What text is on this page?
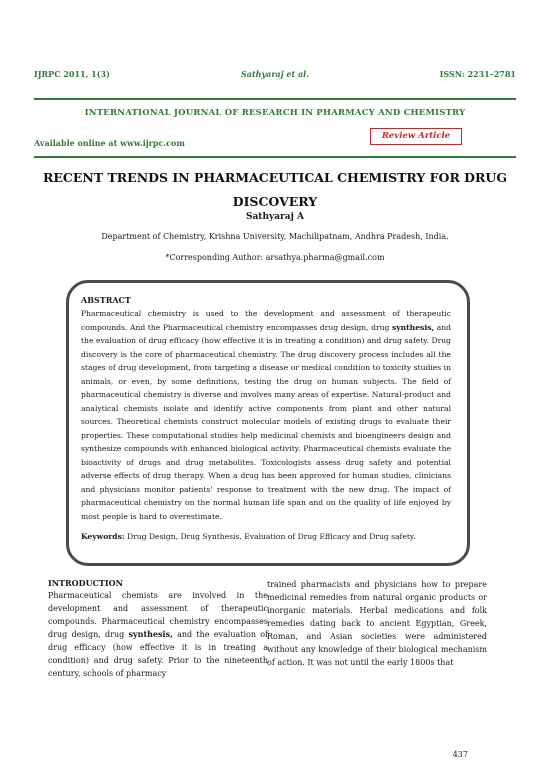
IJRPC 2011, 1(3)	Sathyaraj et al.	ISSN: 2231–2781
INTERNATIONAL JOURNAL OF RESEARCH IN PHARMACY AND CHEMISTRY
Available online at www.ijrpc.com
Review Article
RECENT TRENDS IN PHARMACEUTICAL CHEMISTRY FOR DRUG
DISCOVERY
Sathyaraj A
Department of Chemistry, Krishna University, Machilipatnam, Andhra Pradesh, India.
*Corresponding Author: arsathya.pharma@gmail.com
ABSTRACT

Pharmaceutical chemistry is used to the development and assessment of therapeutic compounds. And the Pharmaceutical chemistry encompasses drug design, drug synthesis, and the evaluation of drug efficacy (how effective it is in treating a condition) and drug safety. Drug discovery is the core of pharmaceutical chemistry. The drug discovery process includes all the stages of drug development, from targeting a disease or medical condition to toxicity studies in animals, or even, by some definitions, testing the drug on human subjects. The field of pharmaceutical chemistry is diverse and involves many areas of expertise. Natural-product and analytical chemists isolate and identify active components from plant and other natural sources. Theoretical chemists construct molecular models of existing drugs to evaluate their properties. These computational studies help medicinal chemists and bioengineers design and synthesize compounds with enhanced biological activity. Pharmaceutical chemists evaluate the bioactivity of drugs and drug metabolites. Toxicologists assess drug safety and potential adverse effects of drug therapy. When a drug has been approved for human studies, clinicians and physicians monitor patients' response to treatment with the new drug. The impact of pharmaceutical chemistry on the normal human life span and on the quality of life enjoyed by most people is hard to overestimate.

Keywords: Drug Design, Drug Synthesis, Evaluation of Drug Efficacy and Drug safety.
INTRODUCTION

Pharmaceutical chemists are involved in the development and assessment of therapeutic compounds. Pharmaceutical chemistry encompasses drug design, drug synthesis, and the evaluation of drug efficacy (how effective it is in treating a condition) and drug safety. Prior to the nineteenth century, schools of pharmacy

trained pharmacists and physicians how to prepare medicinal remedies from natural organic products or inorganic materials. Herbal medications and folk remedies dating back to ancient Egyptian, Greek, Roman, and Asian societies were administered without any knowledge of their biological mechanism of action. It was not until the early 1800s that

437
